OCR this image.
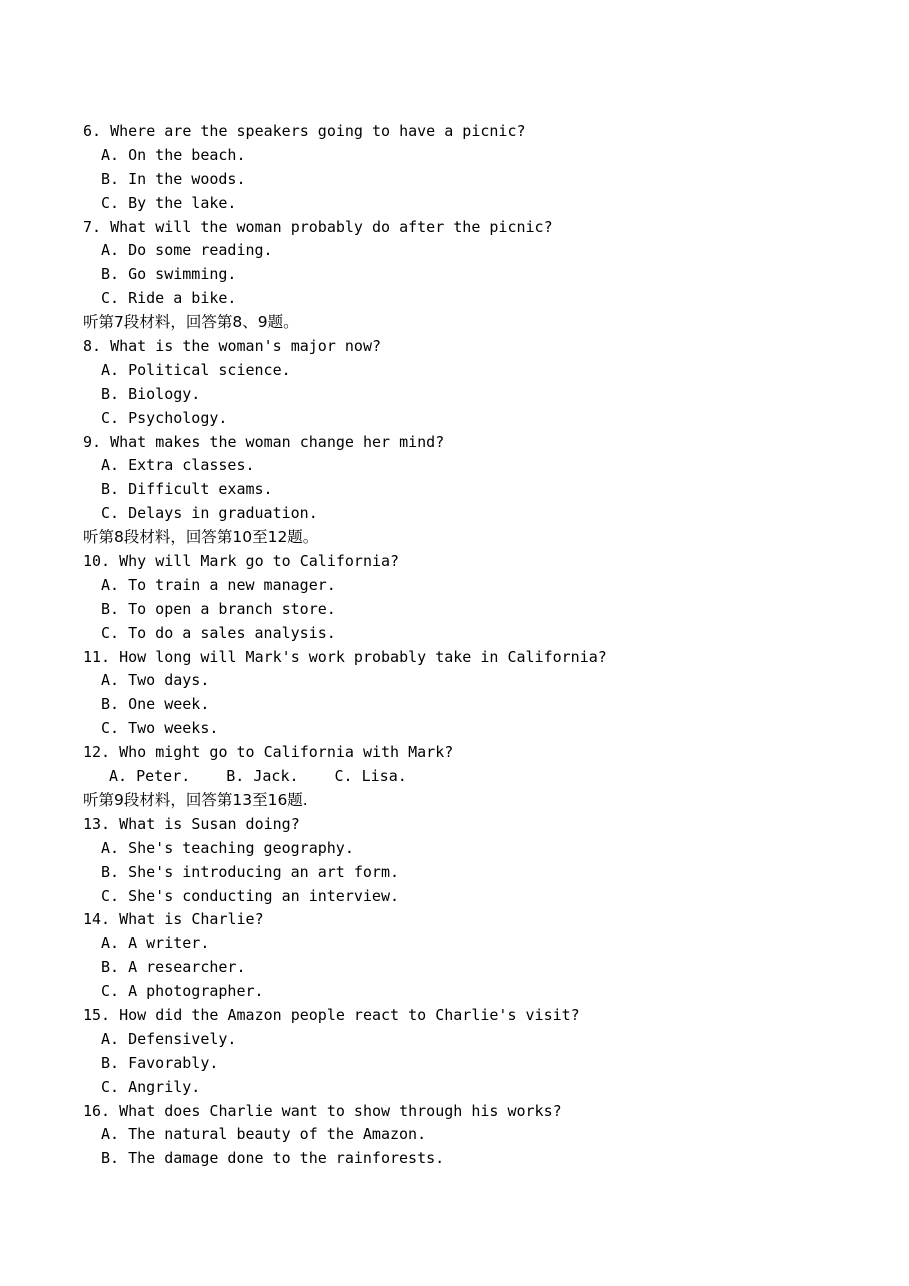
6. Where are the speakers going to have a picnic?
A. On the beach.
B. In the woods.
C. By the lake.
7. What will the woman probably do after the picnic?
A. Do some reading.
B. Go swimming.
C. Ride a bike.
听第7段材料，回答第8、9题。
8. What is the woman's major now?
A. Political science.
B. Biology.
C. Psychology.
9. What makes the woman change her mind?
A. Extra classes.
B. Difficult exams.
C. Delays in graduation.
听第8段材料，回答第10至12题。
10. Why will Mark go to California?
A. To train a new manager.
B. To open a branch store.
C. To do a sales analysis.
11. How long will Mark's work probably take in California?
A. Two days.
B. One week.
C. Two weeks.
12. Who might go to California with Mark?
A. Peter. B. Jack. C. Lisa.
听第9段材料，回答第13至16题.
13. What is Susan doing?
A. She's teaching geography.
B. She's introducing an art form.
C. She's conducting an interview.
14. What is Charlie?
A. A writer.
B. A researcher.
C. A photographer.
15. How did the Amazon people react to Charlie's visit?
A. Defensively.
B. Favorably.
C. Angrily.
16. What does Charlie want to show through his works?
A. The natural beauty of the Amazon.
B. The damage done to the rainforests.
